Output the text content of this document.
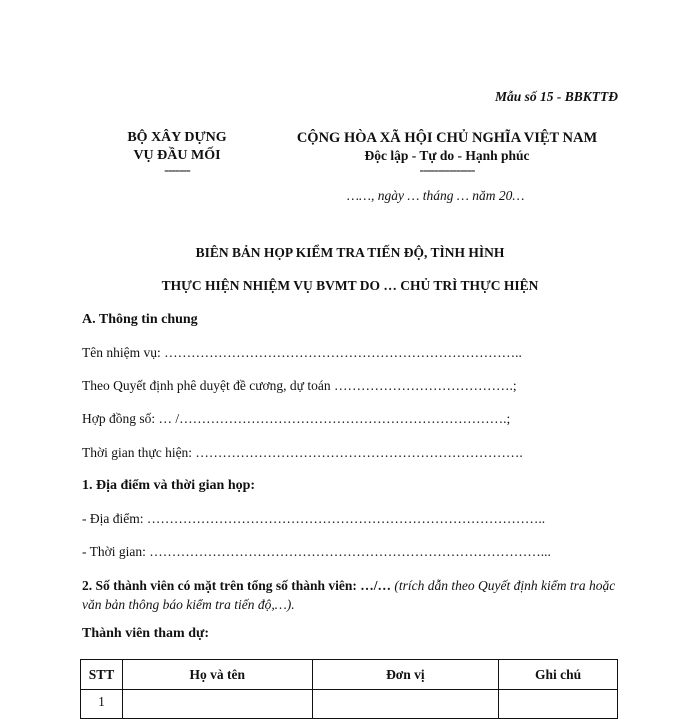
Mẫu số 15 - BBKTTĐ
BỘ XÂY DỰNG
VỤ ĐẦU MỐI
-------
CỘNG HÒA XÃ HỘI CHỦ NGHĨA VIỆT NAM
Độc lập - Tự do - Hạnh phúc
---------------
……, ngày … tháng … năm 20…
BIÊN BẢN HỌP KIỂM TRA TIẾN ĐỘ, TÌNH HÌNH
THỰC HIỆN NHIỆM VỤ BVMT DO … CHỦ TRÌ THỰC HIỆN
A. Thông tin chung
Tên nhiệm vụ: ……………………………………………………………………..
Theo Quyết định phê duyệt đề cương, dự toán ………………………………….;
Hợp đồng số: … /……………………………………………………………….;
Thời gian thực hiện: ……………………………………………………………….
1. Địa điểm và thời gian họp:
- Địa điểm: ……………………………………………………………………………..
- Thời gian: ……………………………………………………………………………...
2. Số thành viên có mặt trên tổng số thành viên: …/… (trích dẫn theo Quyết định kiểm tra hoặc văn bản thông báo kiểm tra tiến độ,…).
Thành viên tham dự:
STT	Họ và tên	Đơn vị	Ghi chú
1			
